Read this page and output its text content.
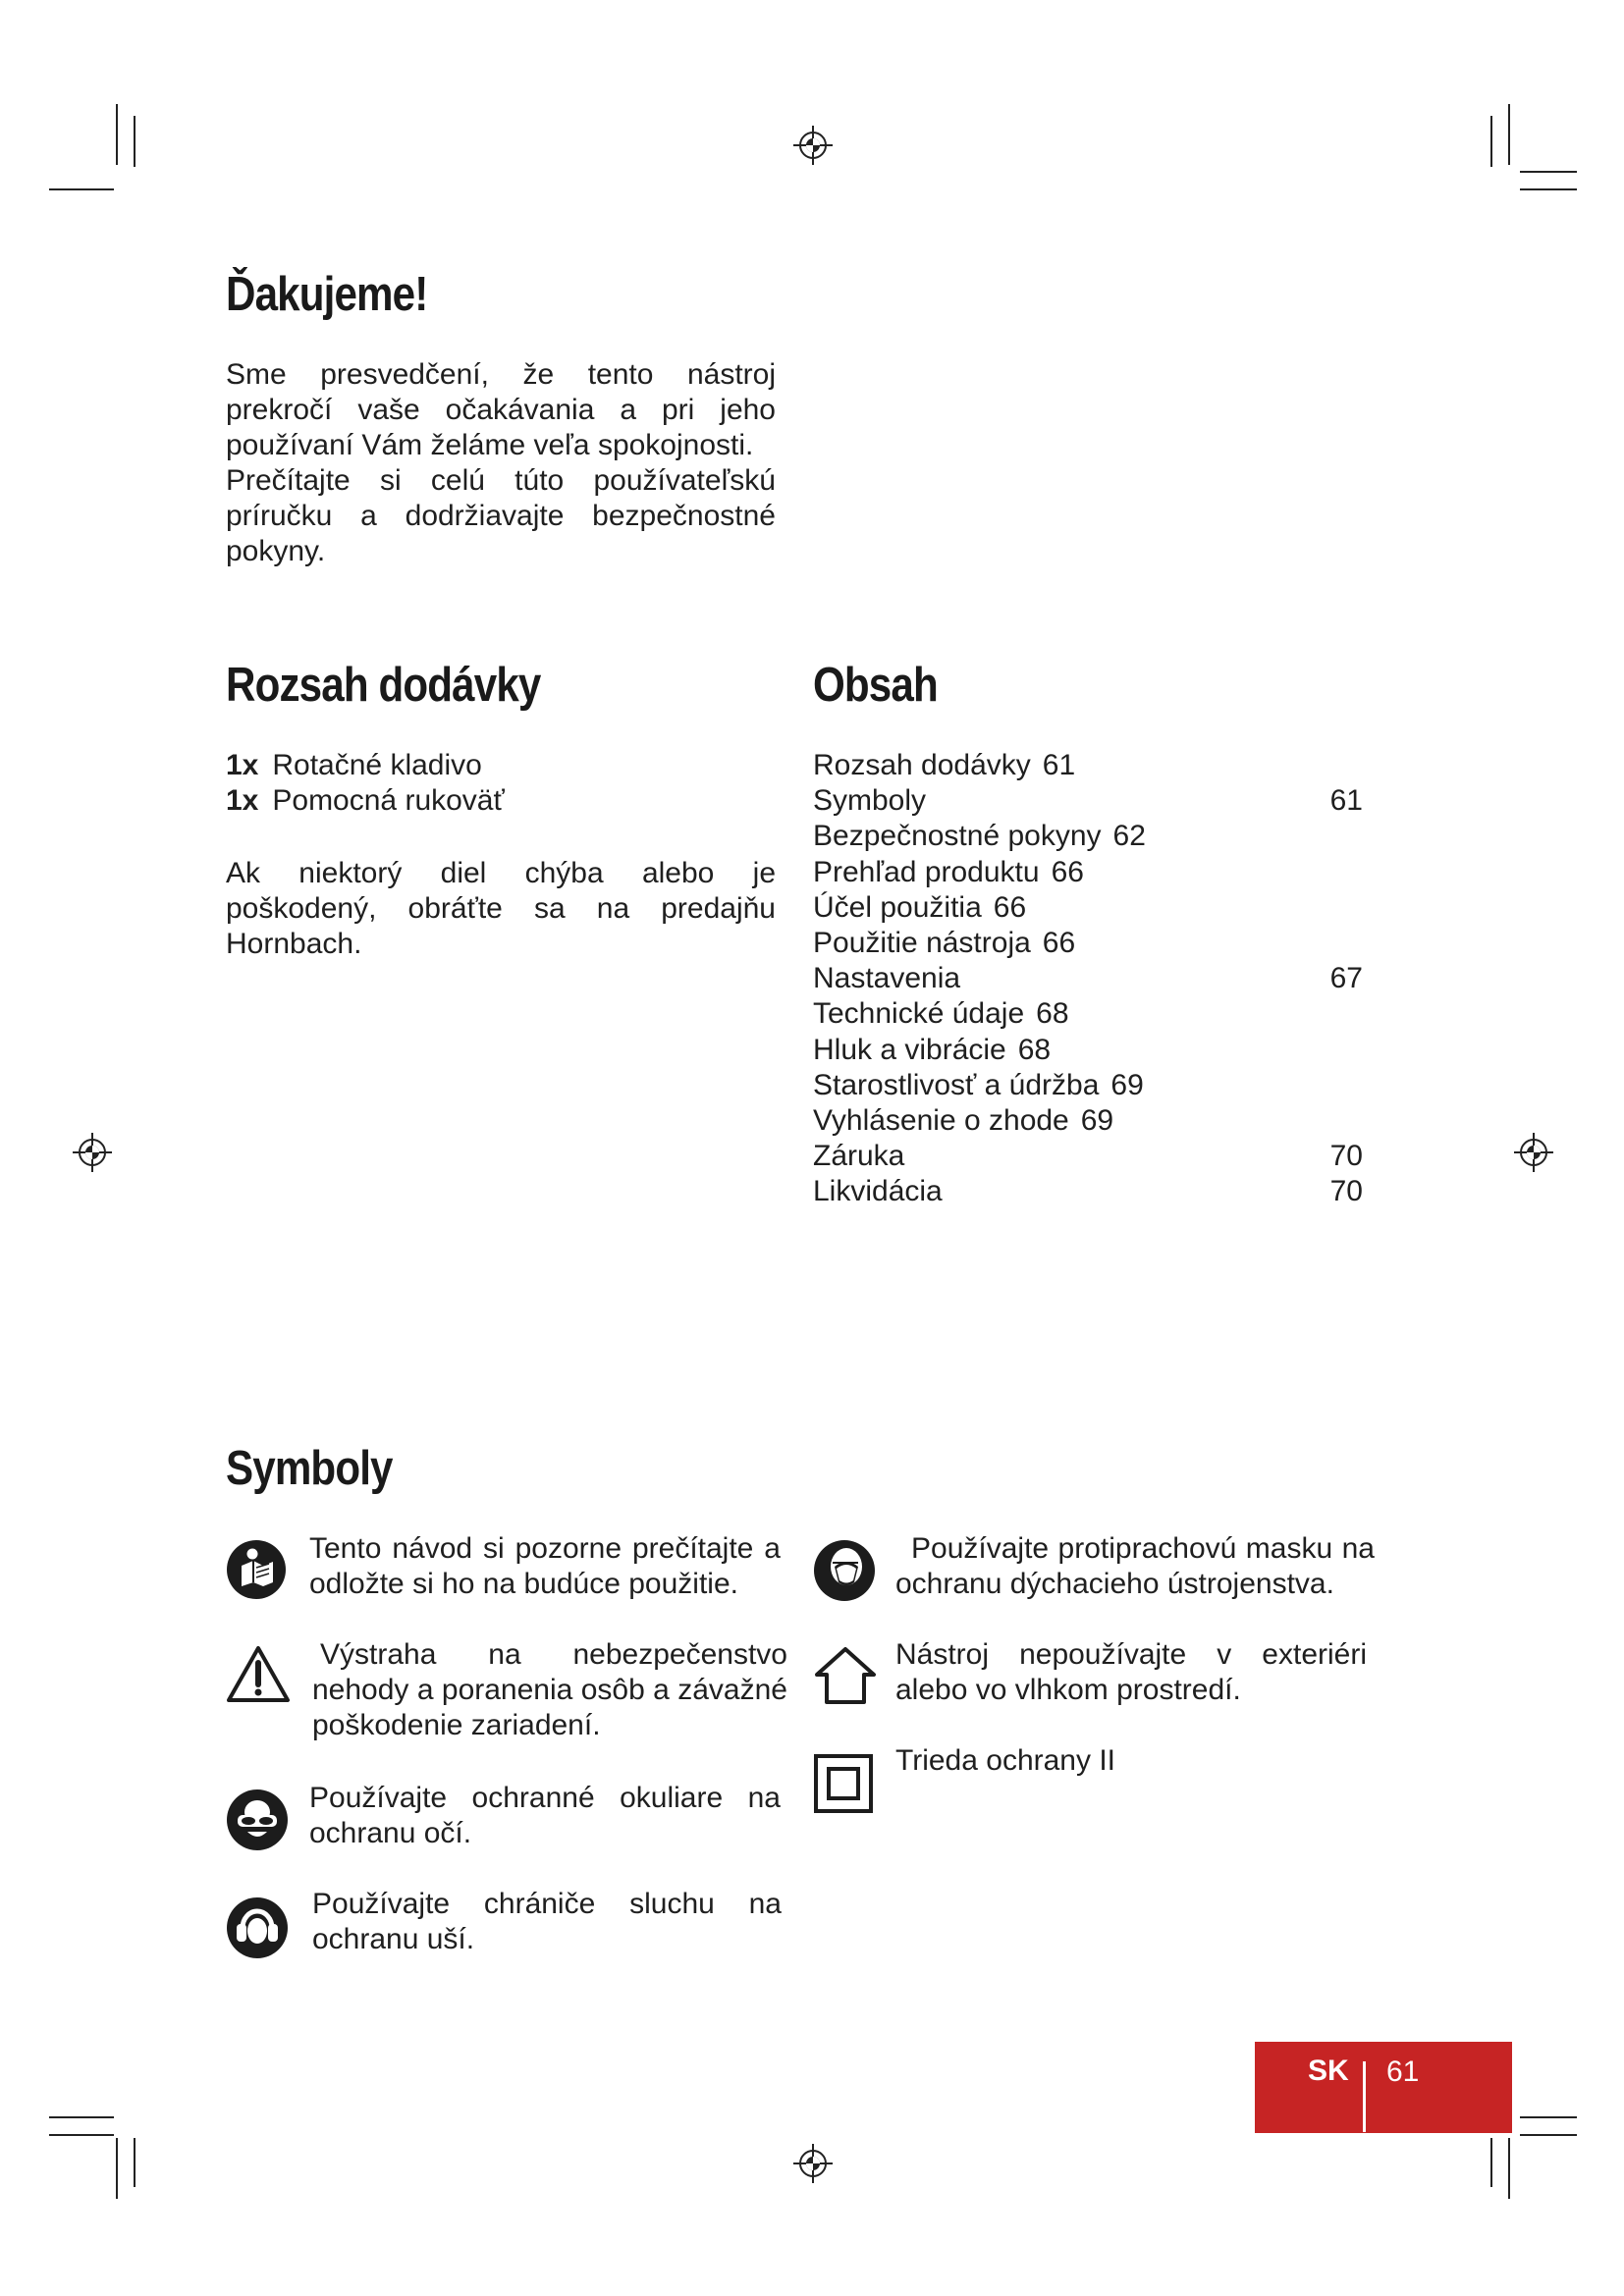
Ďakujeme!

Sme presvedčení, že tento nástroj prekročí vaše očakávania a pri jeho používaní Vám želáme veľa spokojnosti.

Prečítajte si celú túto používateľskú príručku a dodržiavajte bezpečnostné pokyny.

Rozsah dodávky
1x Rotačné kladivo
1x Pomocná rukoväť
Ak niektorý diel chýba alebo je poškodený, obráťte sa na predajňu Hornbach.
Obsah
Rozsah dodávky 61
Symboly	61
Bezpečnostné pokyny 62
Prehľad produktu 66
Účel použitia 66
Použitie nástroja 66
Nastavenia	67
Technické údaje 68
Hluk a vibrácie 68
Starostlivosť a údržba 69
Vyhlásenie o zhode 69
Záruka	70
Likvidácia	70
Symboly
Tento návod si pozorne prečítajte a odložte si ho na budúce použitie.
Výstraha na nebezpečenstvo nehody a poranenia osôb a závažné poškodenie zariadení.
Používajte ochranné okuliare na ochranu očí.
Používajte chrániče sluchu na ochranu uší.
Používajte protiprachovú masku na ochranu dýchacieho ústrojenstva.
Nástroj nepoužívajte v exteriéri alebo vo vlhkom prostredí.
Trieda ochrany II
SK 61
